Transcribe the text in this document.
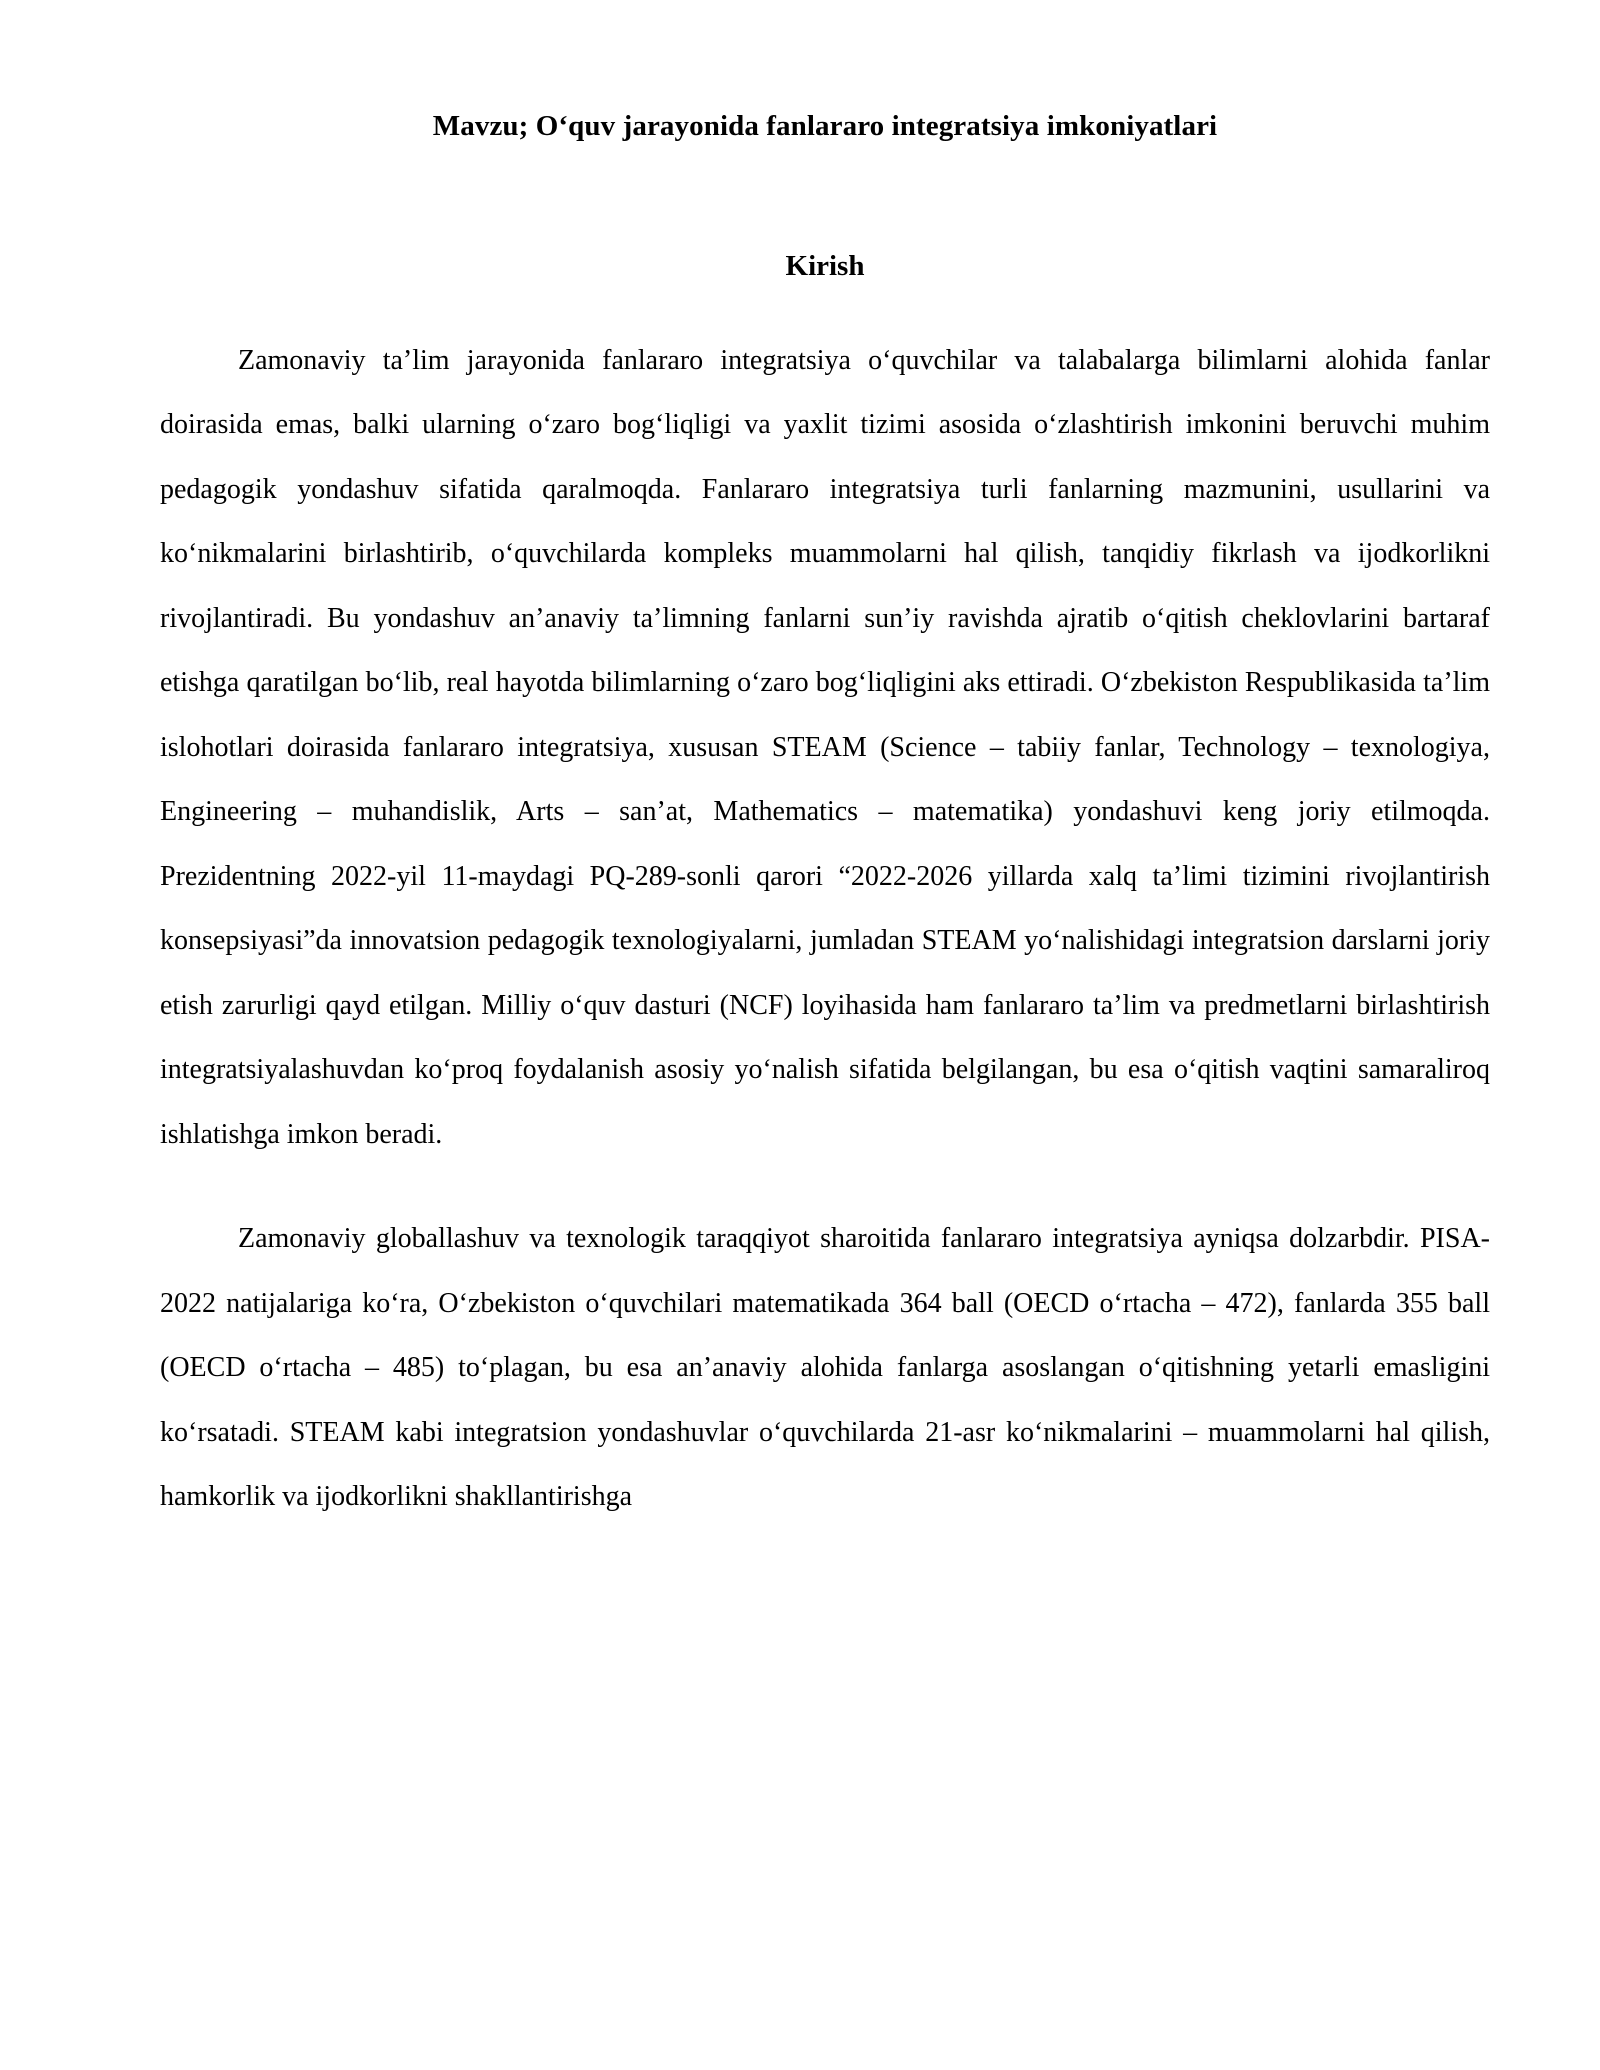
Mavzu; O‘quv jarayonida fanlararo integratsiya imkoniyatlari
Kirish

Zamonaviy ta’lim jarayonida fanlararo integratsiya o‘quvchilar va talabalarga bilimlarni alohida fanlar doirasida emas, balki ularning o‘zaro bog‘liqligi va yaxlit tizimi asosida o‘zlashtirish imkonini beruvchi muhim pedagogik yondashuv sifatida qaralmoqda. Fanlararo integratsiya turli fanlarning mazmunini, usullarini va ko‘nikmalarini birlashtirib, o‘quvchilarda kompleks muammolarni hal qilish, tanqidiy fikrlash va ijodkorlikni rivojlantiradi. Bu yondashuv an’anaviy ta’limning fanlarni sun’iy ravishda ajratib o‘qitish cheklovlarini bartaraf etishga qaratilgan bo‘lib, real hayotda bilimlarning o‘zaro bog‘liqligini aks ettiradi. O‘zbekiston Respublikasida ta’lim islohotlari doirasida fanlararo integratsiya, xususan STEAM (Science – tabiiy fanlar, Technology – texnologiya, Engineering – muhandislik, Arts – san’at, Mathematics – matematika) yondashuvi keng joriy etilmoqda. Prezidentning 2022-yil 11-maydagi PQ-289-sonli qarori “2022-2026 yillarda xalq ta’limi tizimini rivojlantirish konsepsiyasi”da innovatsion pedagogik texnologiyalarni, jumladan STEAM yo‘nalishidagi integratsion darslarni joriy etish zarurligi qayd etilgan. Milliy o‘quv dasturi (NCF) loyihasida ham fanlararo ta’lim va predmetlarni birlashtirish integratsiyalashuvdan ko‘proq foydalanish asosiy yo‘nalish sifatida belgilangan, bu esa o‘qitish vaqtini samaraliroq ishlatishga imkon beradi.

Zamonaviy globallashuv va texnologik taraqqiyot sharoitida fanlararo integratsiya ayniqsa dolzarbdir. PISA-2022 natijalariga ko‘ra, O‘zbekiston o‘quvchilari matematikada 364 ball (OECD o‘rtacha – 472), fanlarda 355 ball (OECD o‘rtacha – 485) to‘plagan, bu esa an’anaviy alohida fanlarga asoslangan o‘qitishning yetarli emasligini ko‘rsatadi. STEAM kabi integratsion yondashuvlar o‘quvchilarda 21-asr ko‘nikmalarini – muammolarni hal qilish, hamkorlik va ijodkorlikni shakllantirishga
